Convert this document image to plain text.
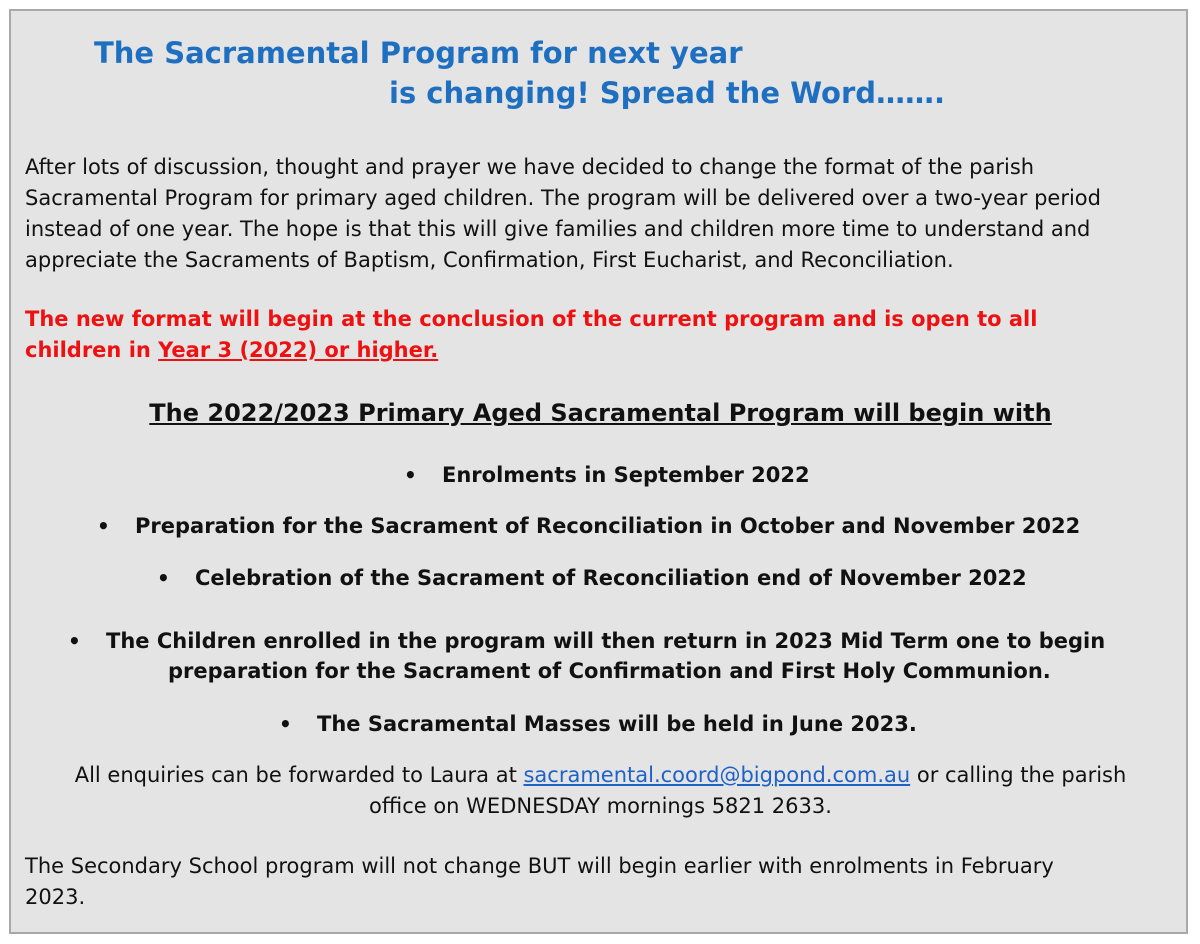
The Sacramental Program for next year
is changing! Spread the Word…….
After lots of discussion, thought and prayer we have decided to change the format of the parish
Sacramental Program for primary aged children. The program will be delivered over a two-year period
instead of one year. The hope is that this will give families and children more time to understand and
appreciate the Sacraments of Baptism, Confirmation, First Eucharist, and Reconciliation.
The new format will begin at the conclusion of the current program and is open to all
children in Year 3 (2022) or higher.
The 2022/2023 Primary Aged Sacramental Program will begin with
•	Enrolments in September 2022
•	Preparation for the Sacrament of Reconciliation in October and November 2022
•	Celebration of the Sacrament of Reconciliation end of November 2022
•	The Children enrolled in the program will then return in 2023 Mid Term one to begin
preparation for the Sacrament of Confirmation and First Holy Communion.
•	The Sacramental Masses will be held in June 2023.
All enquiries can be forwarded to Laura at sacramental.coord@bigpond.com.au or calling the parish
office on WEDNESDAY mornings 5821 2633.
The Secondary School program will not change BUT will begin earlier with enrolments in February
2023.
